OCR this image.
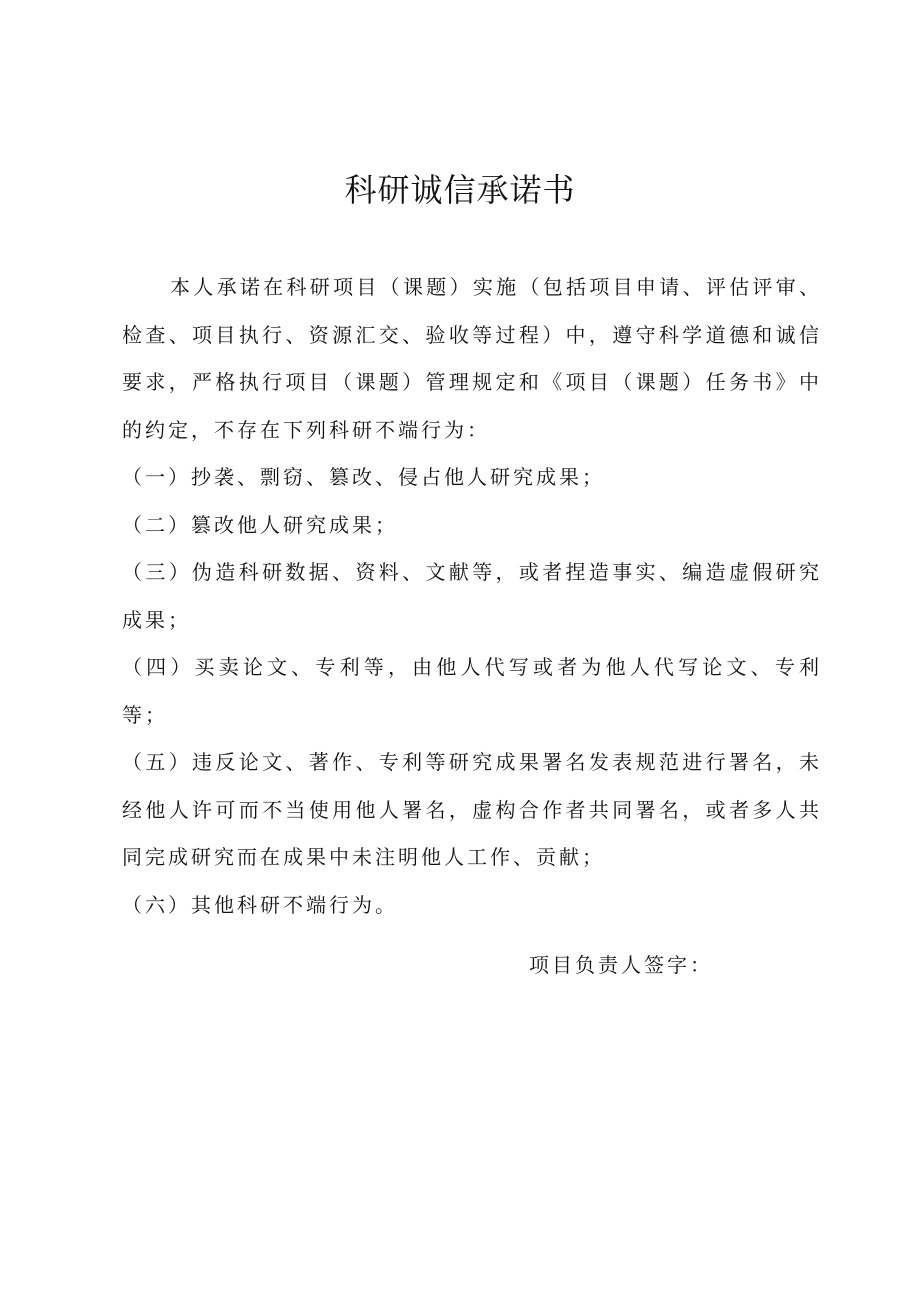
科研诚信承诺书

本人承诺在科研项目（课题）实施（包括项目申请、评估评审、检查、项目执行、资源汇交、验收等过程）中，遵守科学道德和诚信要求，严格执行项目（课题）管理规定和《项目（课题）任务书》中的约定，不存在下列科研不端行为：

（一）抄袭、剽窃、篡改、侵占他人研究成果；

（二）篡改他人研究成果；

（三）伪造科研数据、资料、文献等，或者捏造事实、编造虚假研究成果；

（四）买卖论文、专利等，由他人代写或者为他人代写论文、专利等；

（五）违反论文、著作、专利等研究成果署名发表规范进行署名，未经他人许可而不当使用他人署名，虚构合作者共同署名，或者多人共同完成研究而在成果中未注明他人工作、贡献；

（六）其他科研不端行为。

项目负责人签字：
